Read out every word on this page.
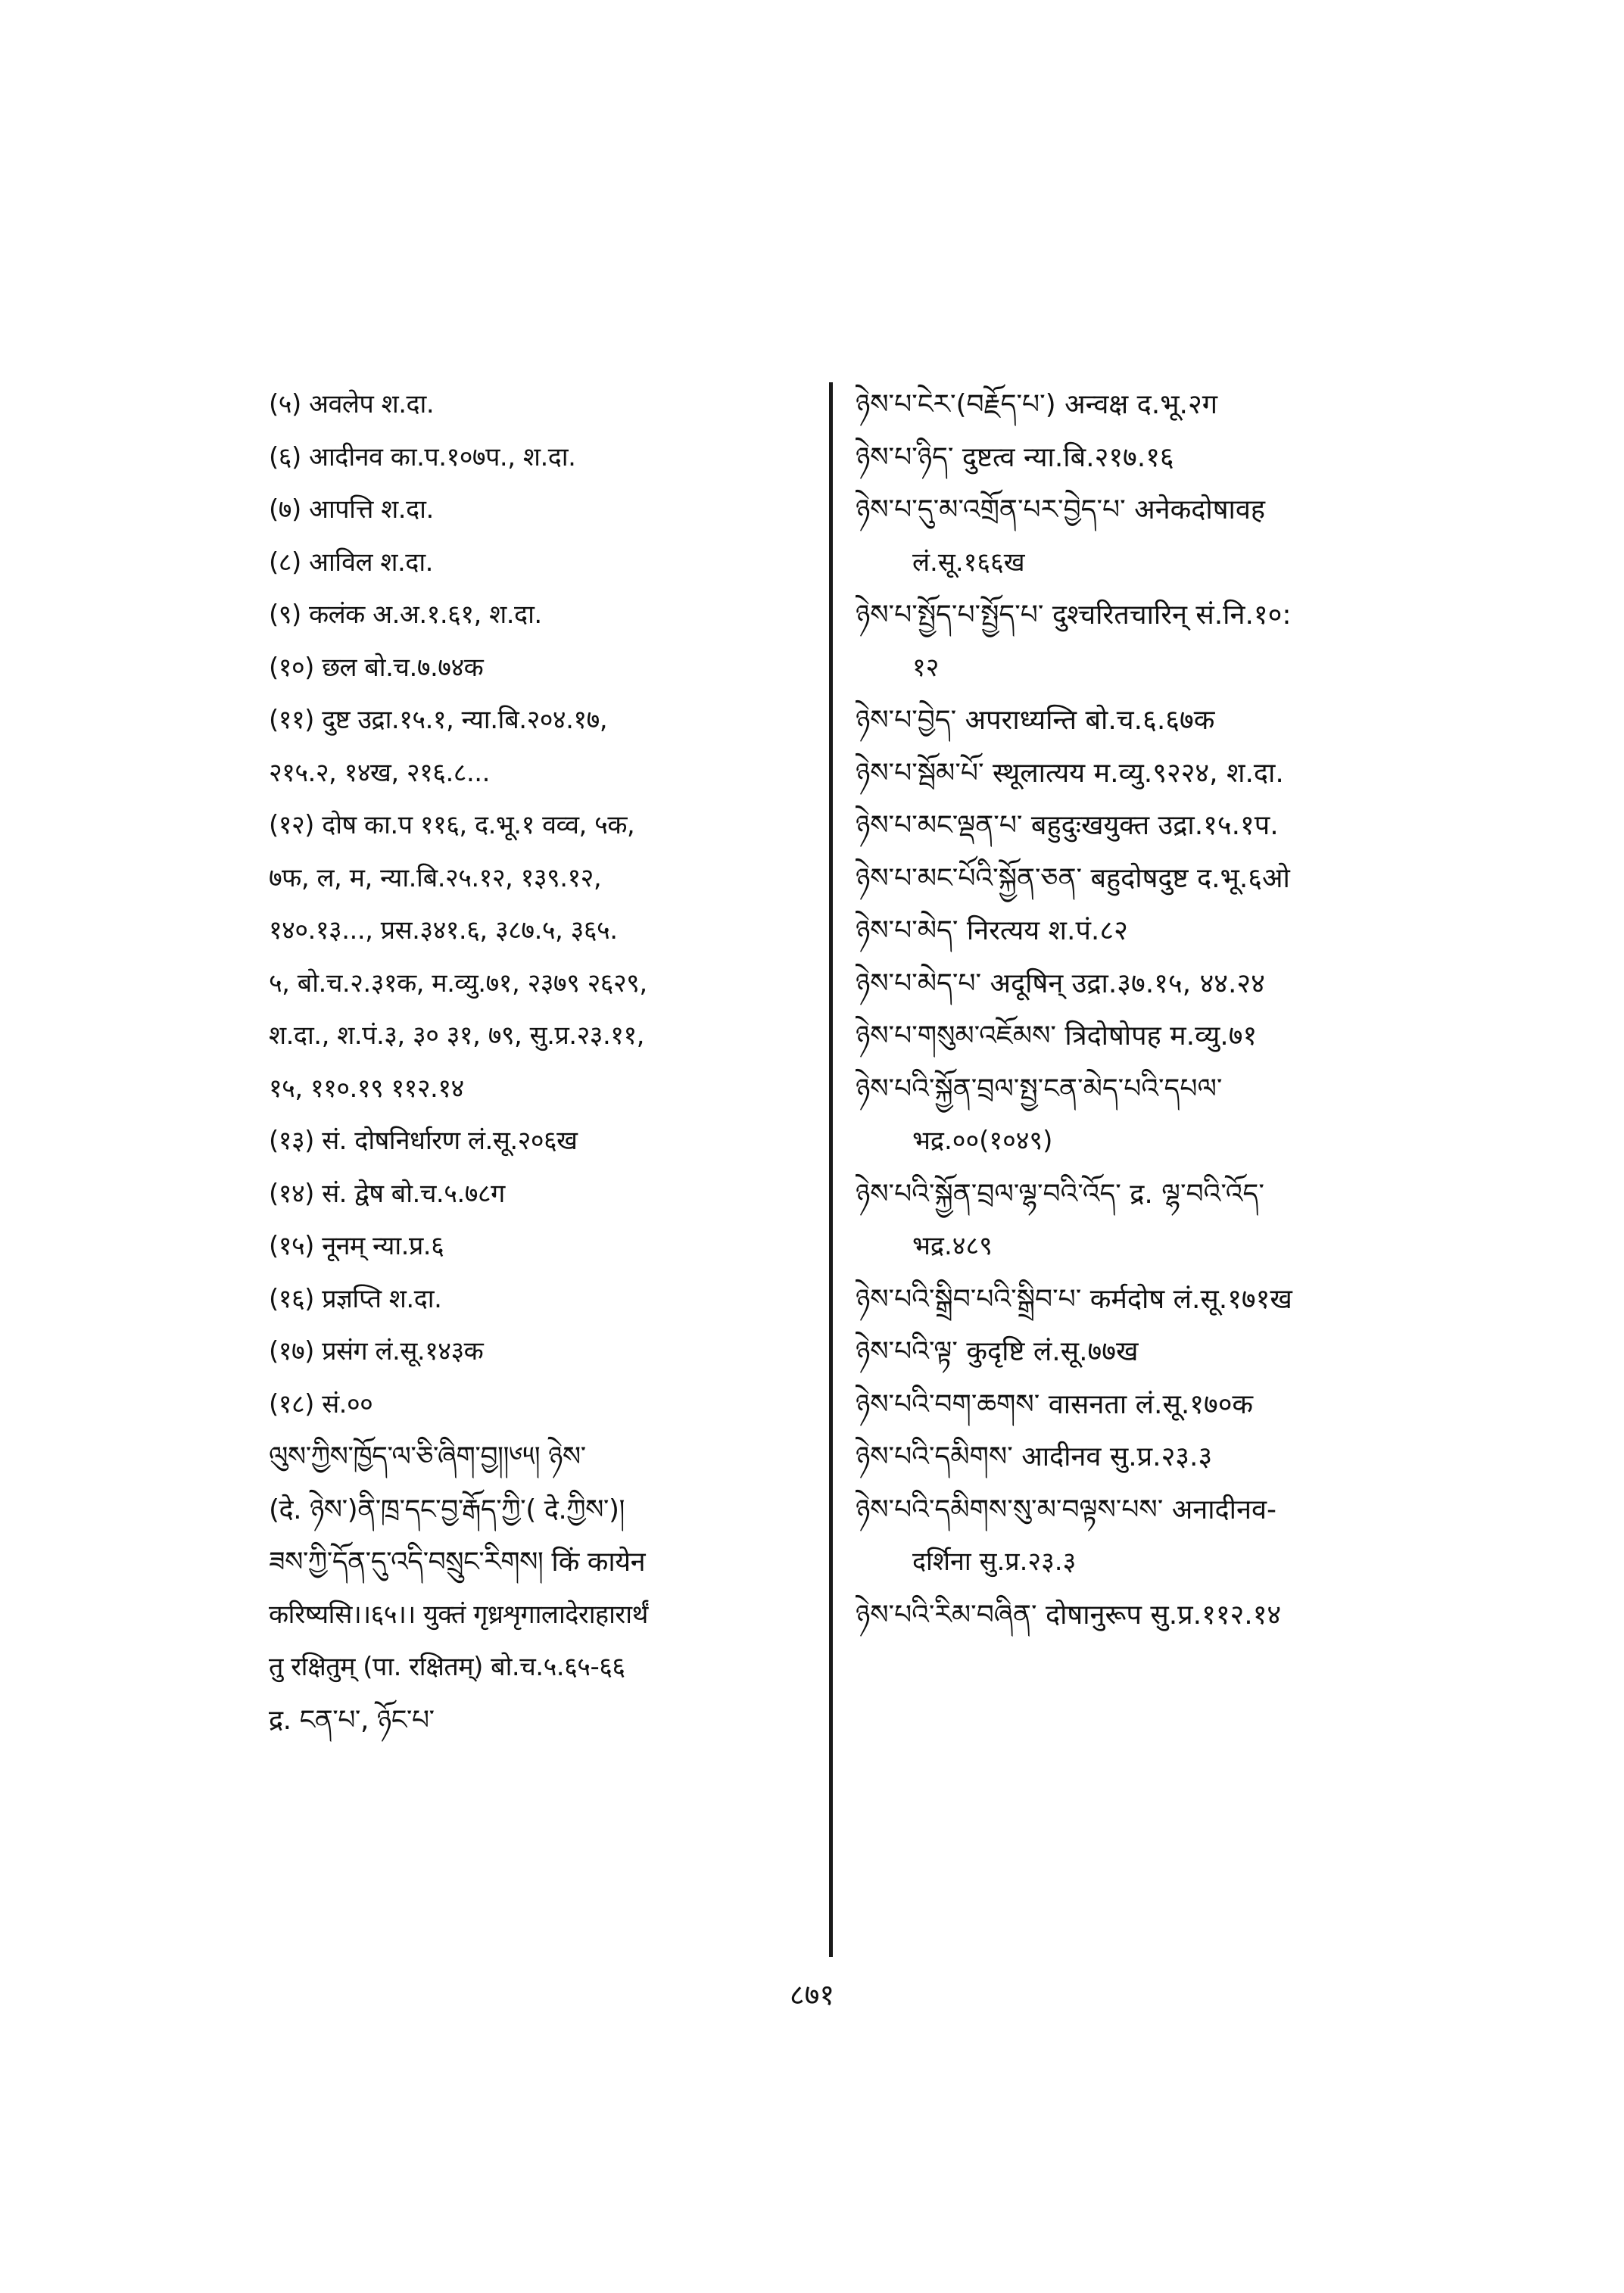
(५) अवलेप श.दा.
(६) आदीनव का.प.१०७प., श.दा.
(७) आपत्ति श.दा.
(८) आविल श.दा.
(९) कलंक अ.अ.१.६१, श.दा.
(१०) छल बो.च.७.७४क
(११) दुष्ट उद्रा.१५.१, न्या.बि.२०४.१७,
२१५.२, १४ख, २१६.८...
(१२) दोष का.प ११६, द.भू.१ वव्व, ५क,
७फ, ल, म, न्या.बि.२५.१२, १३९.१२,
१४०.१३..., प्रस.३४१.६, ३८७.५, ३६५.
५, बो.च.२.३१क, म.व्यु.७१, २३७९ २६२९,
श.दा., श.पं.३, ३० ३१, ७९, सु.प्र.२३.११,
१५, ११०.१९ ११२.१४
(१३) सं. दोषनिर्धारण लं.सू.२०६ख
(१४) सं. द्वेष बो.च.५.७८ग
(१५) नूनम् न्या.प्र.६
(१६) प्रज्ञप्ति श.दा.
(१७) प्रसंग लं.सू.१४३क
(१८) सं.००
ལུས་ཀྱིས་ཁྱོད་ལ་ཅི་ཞིག་བྱ།།༦༥། ཉེས་
(दे. ཉེས་)ནི་ཁྲ་དང་བྱ་རྒོད་ཀྱི་( दे.ཀྱིས་)།
ཟས་ཀྱི་དོན་དུ་འདི་བསྲུང་རིགས། किं कायेन
करिष्यसि।।६५।। युक्तं गृध्रशृगालादेराहारार्थं
तु रक्षितुम् (पा. रक्षितम्) बो.च.५.६५-६६
द्र. ངན་པ་, ཉོང་པ་
ཉེས་པ་ངེར་(བརྗོད་པ་) अन्वक्ष द.भू.२ग
ཉེས་པ་ཉིད་ दुष्टत्व न्या.बि.२१७.१६
ཉེས་པ་དུ་མ་འགྲོན་པར་བྱེད་པ་ अनेकदोषावह
लं.सू.१६६ख
ཉེས་པ་སྤྱོད་པ་སྤྱོད་པ་ दुश्चरितचारिन् सं.नि.१०:
१२
ཉེས་པ་བྱེད་ अपराध्यन्ति बो.च.६.६७क
ཉེས་པ་སྦོམ་པོ་ स्थूलात्यय म.व्यु.९२२४, श.दा.
ཉེས་པ་མང་ལྡན་པ་ बहुदुःखयुक्त उद्रा.१५.१प.
ཉེས་པ་མང་པོའི་སྐྱོན་ཅན་ बहुदोषदुष्ट द.भू.६ओ
ཉེས་པ་མེད་ निरत्यय श.पं.८२
ཉེས་པ་མེད་པ་ अदूषिन् उद्रा.३७.१५, ४४.२४
ཉེས་པ་གསུམ་འཇོམས་ त्रिदोषोपह म.व्यु.७१
ཉེས་པའི་སྐྱོན་བྲལ་སྤྱ་ངན་མེད་པའི་དཔལ་
भद्र.००(१०४९)
ཉེས་པའི་སྐྱོན་བྲལ་ལྷ་བའི་འོད་ द्र. ལྷ་བའི་འོད་
भद्र.४८९
ཉེས་པའི་སྒྲིབ་པའི་སྒྲིབ་པ་ कर्मदोष लं.सू.१७१ख
ཉེས་པའི་ལྟ་ कुदृष्टि लं.सू.७७ख
ཉེས་པའི་བག་ཆགས་ वासनता लं.सू.१७०क
ཉེས་པའི་དམིགས་ आदीनव सु.प्र.२३.३
ཉེས་པའི་དམིགས་སུ་མ་བལྟས་པས་ अनादीनव-
दर्शिना सु.प्र.२३.३
ཉེས་པའི་རིམ་བཞིན་ दोषानुरूप सु.प्र.११२.१४
८७१
